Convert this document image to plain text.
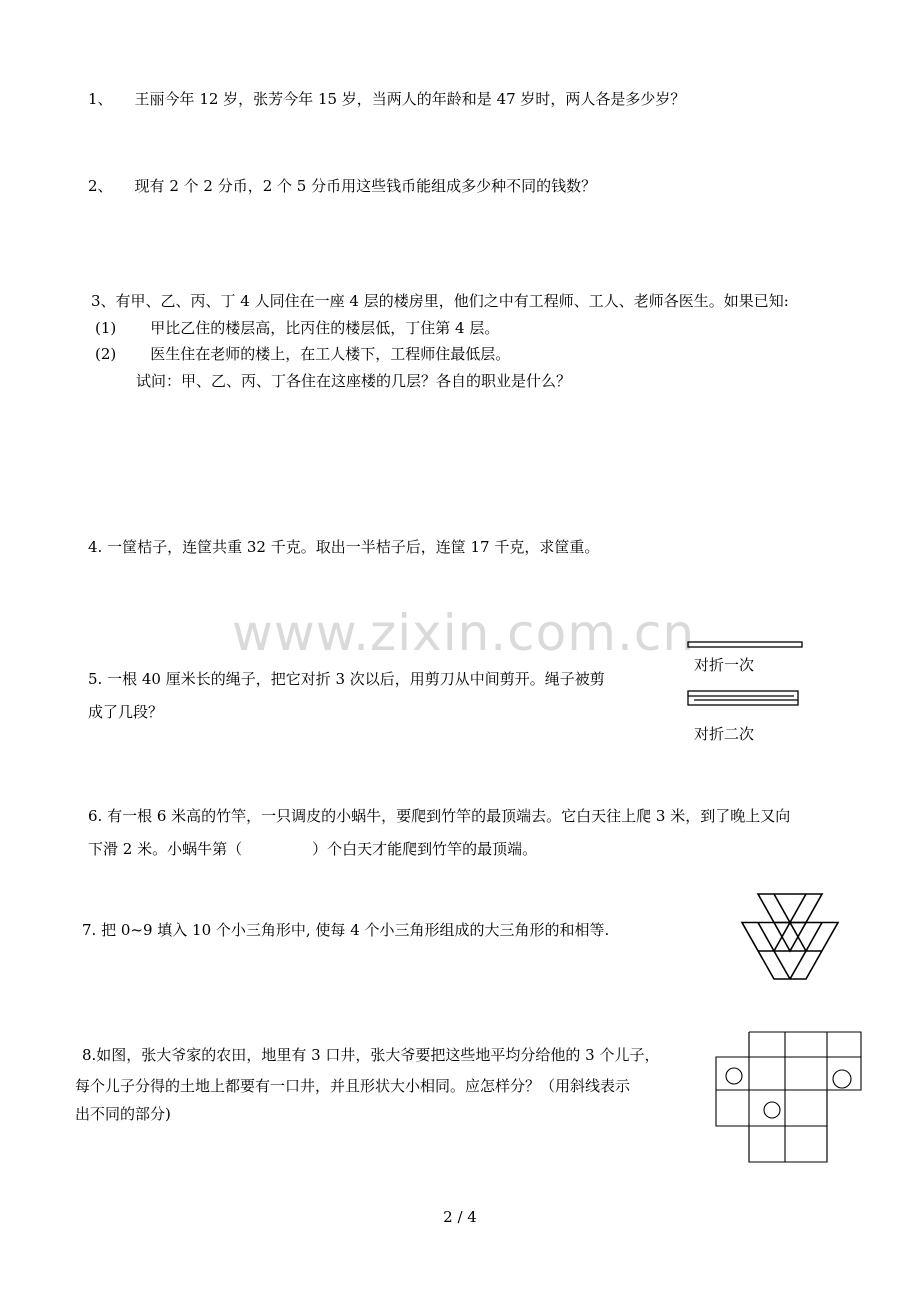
www.zixin.com.cn
1、 王丽今年 12 岁，张芳今年 15 岁，当两人的年龄和是 47 岁时，两人各是多少岁？
2、 现有 2 个 2 分币，2 个 5 分币用这些钱币能组成多少种不同的钱数？
3、有甲、乙、丙、丁 4 人同住在一座 4 层的楼房里，他们之中有工程师、工人、老师各医生。如果已知:
(1) 甲比乙住的楼层高，比丙住的楼层低，丁住第 4 层。
(2) 医生住在老师的楼上，在工人楼下，工程师住最低层。
试问：甲、乙、丙、丁各住在这座楼的几层？各自的职业是什么？
4. 一筐桔子，连筐共重 32 千克。取出一半桔子后，连筐 17 千克，求筐重。
5. 一根 40 厘米长的绳子，把它对折 3 次以后，用剪刀从中间剪开。绳子被剪
成了几段？
对折一次
对折二次
6. 有一根 6 米高的竹竿，一只调皮的小蜗牛，要爬到竹竿的最顶端去。它白天往上爬 3 米，到了晚上又向
下滑 2 米。小蜗牛第（	）个白天才能爬到竹竿的最顶端。
7. 把 0~9 填入 10 个小三角形中, 使每 4 个小三角形组成的大三角形的和相等.
8.如图，张大爷家的农田，地里有 3 口井，张大爷要把这些地平均分给他的 3 个儿子，
每个儿子分得的土地上都要有一口井，并且形状大小相同。应怎样分？（用斜线表示
出不同的部分)
2 / 4
